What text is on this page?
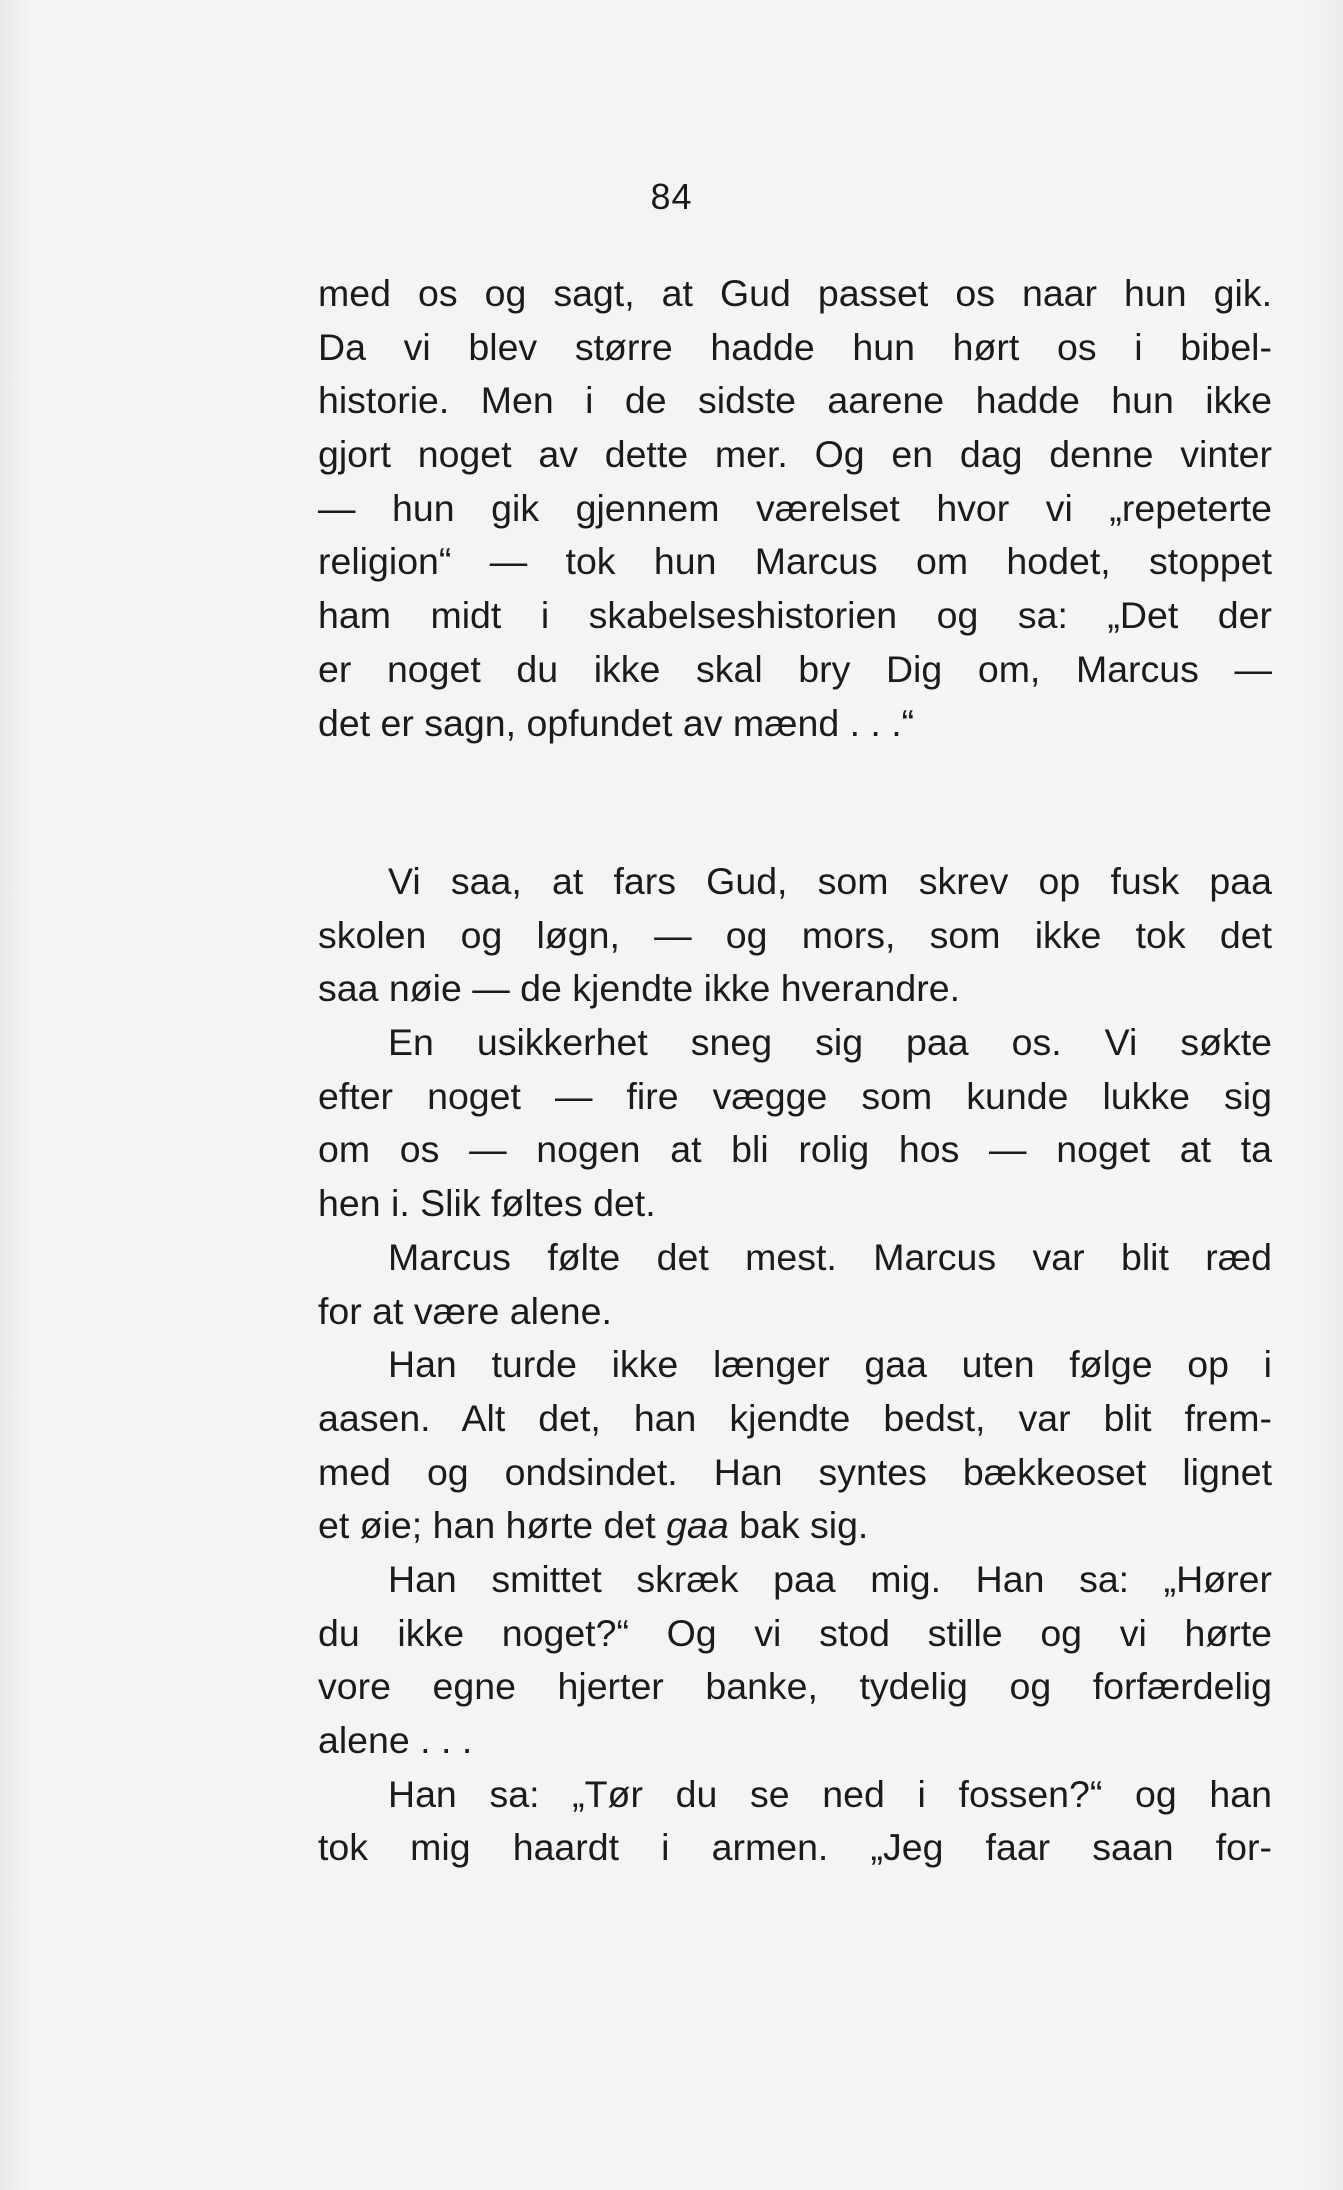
84
med os og sagt, at Gud passet os naar hun gik.
Da vi blev større hadde hun hørt os i bibel-
historie. Men i de sidste aarene hadde hun ikke
gjort noget av dette mer. Og en dag denne vinter
— hun gik gjennem værelset hvor vi „repeterte
religion“ — tok hun Marcus om hodet, stoppet
ham midt i skabelseshistorien og sa: „Det der
er noget du ikke skal bry Dig om, Marcus —
det er sagn, opfundet av mænd . . .“
Vi saa, at fars Gud, som skrev op fusk paa
skolen og løgn, — og mors, som ikke tok det
saa nøie — de kjendte ikke hverandre.
En usikkerhet sneg sig paa os. Vi søkte
efter noget — fire vægge som kunde lukke sig
om os — nogen at bli rolig hos — noget at ta
hen i. Slik føltes det.
Marcus følte det mest. Marcus var blit ræd
for at være alene.
Han turde ikke længer gaa uten følge op i
aasen. Alt det, han kjendte bedst, var blit frem-
med og ondsindet. Han syntes bækkeoset lignet
et øie; han hørte det gaa bak sig.
Han smittet skræk paa mig. Han sa: „Hører
du ikke noget?“ Og vi stod stille og vi hørte
vore egne hjerter banke, tydelig og forfærdelig
alene . . .
Han sa: „Tør du se ned i fossen?“ og han
tok mig haardt i armen. „Jeg faar saan for-
